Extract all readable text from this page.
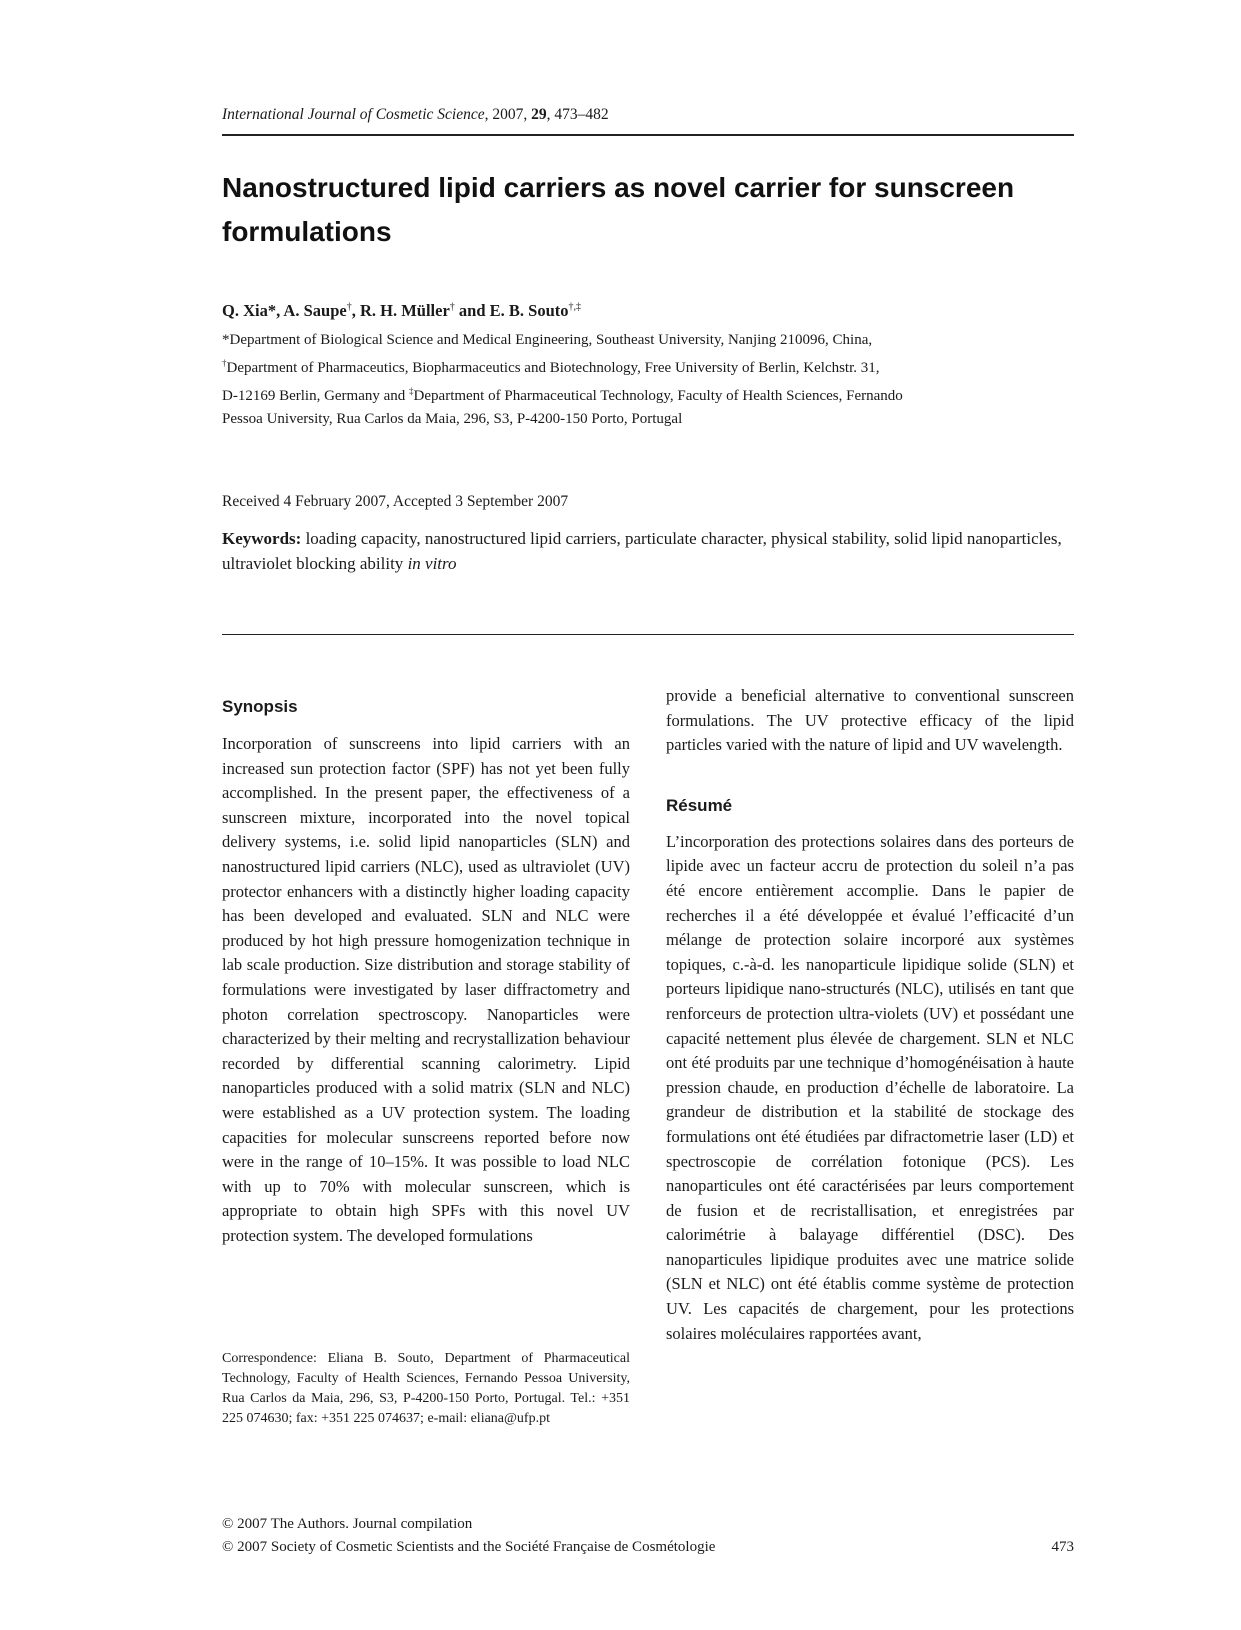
International Journal of Cosmetic Science, 2007, 29, 473–482
Nanostructured lipid carriers as novel carrier for sunscreen formulations
Q. Xia*, A. Saupe†, R. H. Müller† and E. B. Souto†,‡
*Department of Biological Science and Medical Engineering, Southeast University, Nanjing 210096, China,
†Department of Pharmaceutics, Biopharmaceutics and Biotechnology, Free University of Berlin, Kelchstr. 31,
D-12169 Berlin, Germany and ‡Department of Pharmaceutical Technology, Faculty of Health Sciences, Fernando
Pessoa University, Rua Carlos da Maia, 296, S3, P-4200-150 Porto, Portugal
Received 4 February 2007, Accepted 3 September 2007
Keywords: loading capacity, nanostructured lipid carriers, particulate character, physical stability, solid lipid nanoparticles, ultraviolet blocking ability in vitro
Synopsis

Incorporation of sunscreens into lipid carriers with an increased sun protection factor (SPF) has not yet been fully accomplished. In the present paper, the effectiveness of a sunscreen mixture, incorporated into the novel topical delivery systems, i.e. solid lipid nanoparticles (SLN) and nanostructured lipid carriers (NLC), used as ultraviolet (UV) protector enhancers with a distinctly higher loading capacity has been developed and evaluated. SLN and NLC were produced by hot high pressure homogenization technique in lab scale production. Size distribution and storage stability of formulations were investigated by laser diffractometry and photon correlation spectroscopy. Nanoparticles were characterized by their melting and recrystallization behaviour recorded by differential scanning calorimetry. Lipid nanoparticles produced with a solid matrix (SLN and NLC) were established as a UV protection system. The loading capacities for molecular sunscreens reported before now were in the range of 10–15%. It was possible to load NLC with up to 70% with molecular sunscreen, which is appropriate to obtain high SPFs with this novel UV protection system. The developed formulations

Correspondence: Eliana B. Souto, Department of Pharmaceutical Technology, Faculty of Health Sciences, Fernando Pessoa University, Rua Carlos da Maia, 296, S3, P-4200-150 Porto, Portugal. Tel.: +351 225 074630; fax: +351 225 074637; e-mail: eliana@ufp.pt

provide a beneficial alternative to conventional sunscreen formulations. The UV protective efficacy of the lipid particles varied with the nature of lipid and UV wavelength.

Résumé

L’incorporation des protections solaires dans des porteurs de lipide avec un facteur accru de protection du soleil n’a pas été encore entièrement accomplie. Dans le papier de recherches il a été développée et évalué l’efficacité d’un mélange de protection solaire incorporé aux systèmes topiques, c.-à-d. les nanoparticule lipidique solide (SLN) et porteurs lipidique nano-structurés (NLC), utilisés en tant que renforceurs de protection ultra-violets (UV) et possédant une capacité nettement plus élevée de chargement. SLN et NLC ont été produits par une technique d’homogénéisation à haute pression chaude, en production d’échelle de laboratoire. La grandeur de distribution et la stabilité de stockage des formulations ont été étudiées par difractometrie laser (LD) et spectroscopie de corrélation fotonique (PCS). Les nanoparticules ont été caractérisées par leurs comportement de fusion et de recristallisation, et enregistrées par calorimétrie à balayage différentiel (DSC). Des nanoparticules lipidique produites avec une matrice solide (SLN et NLC) ont été établis comme système de protection UV. Les capacités de chargement, pour les protections solaires moléculaires rapportées avant,

© 2007 The Authors. Journal compilation
© 2007 Society of Cosmetic Scientists and the Société Française de Cosmétologie	473
